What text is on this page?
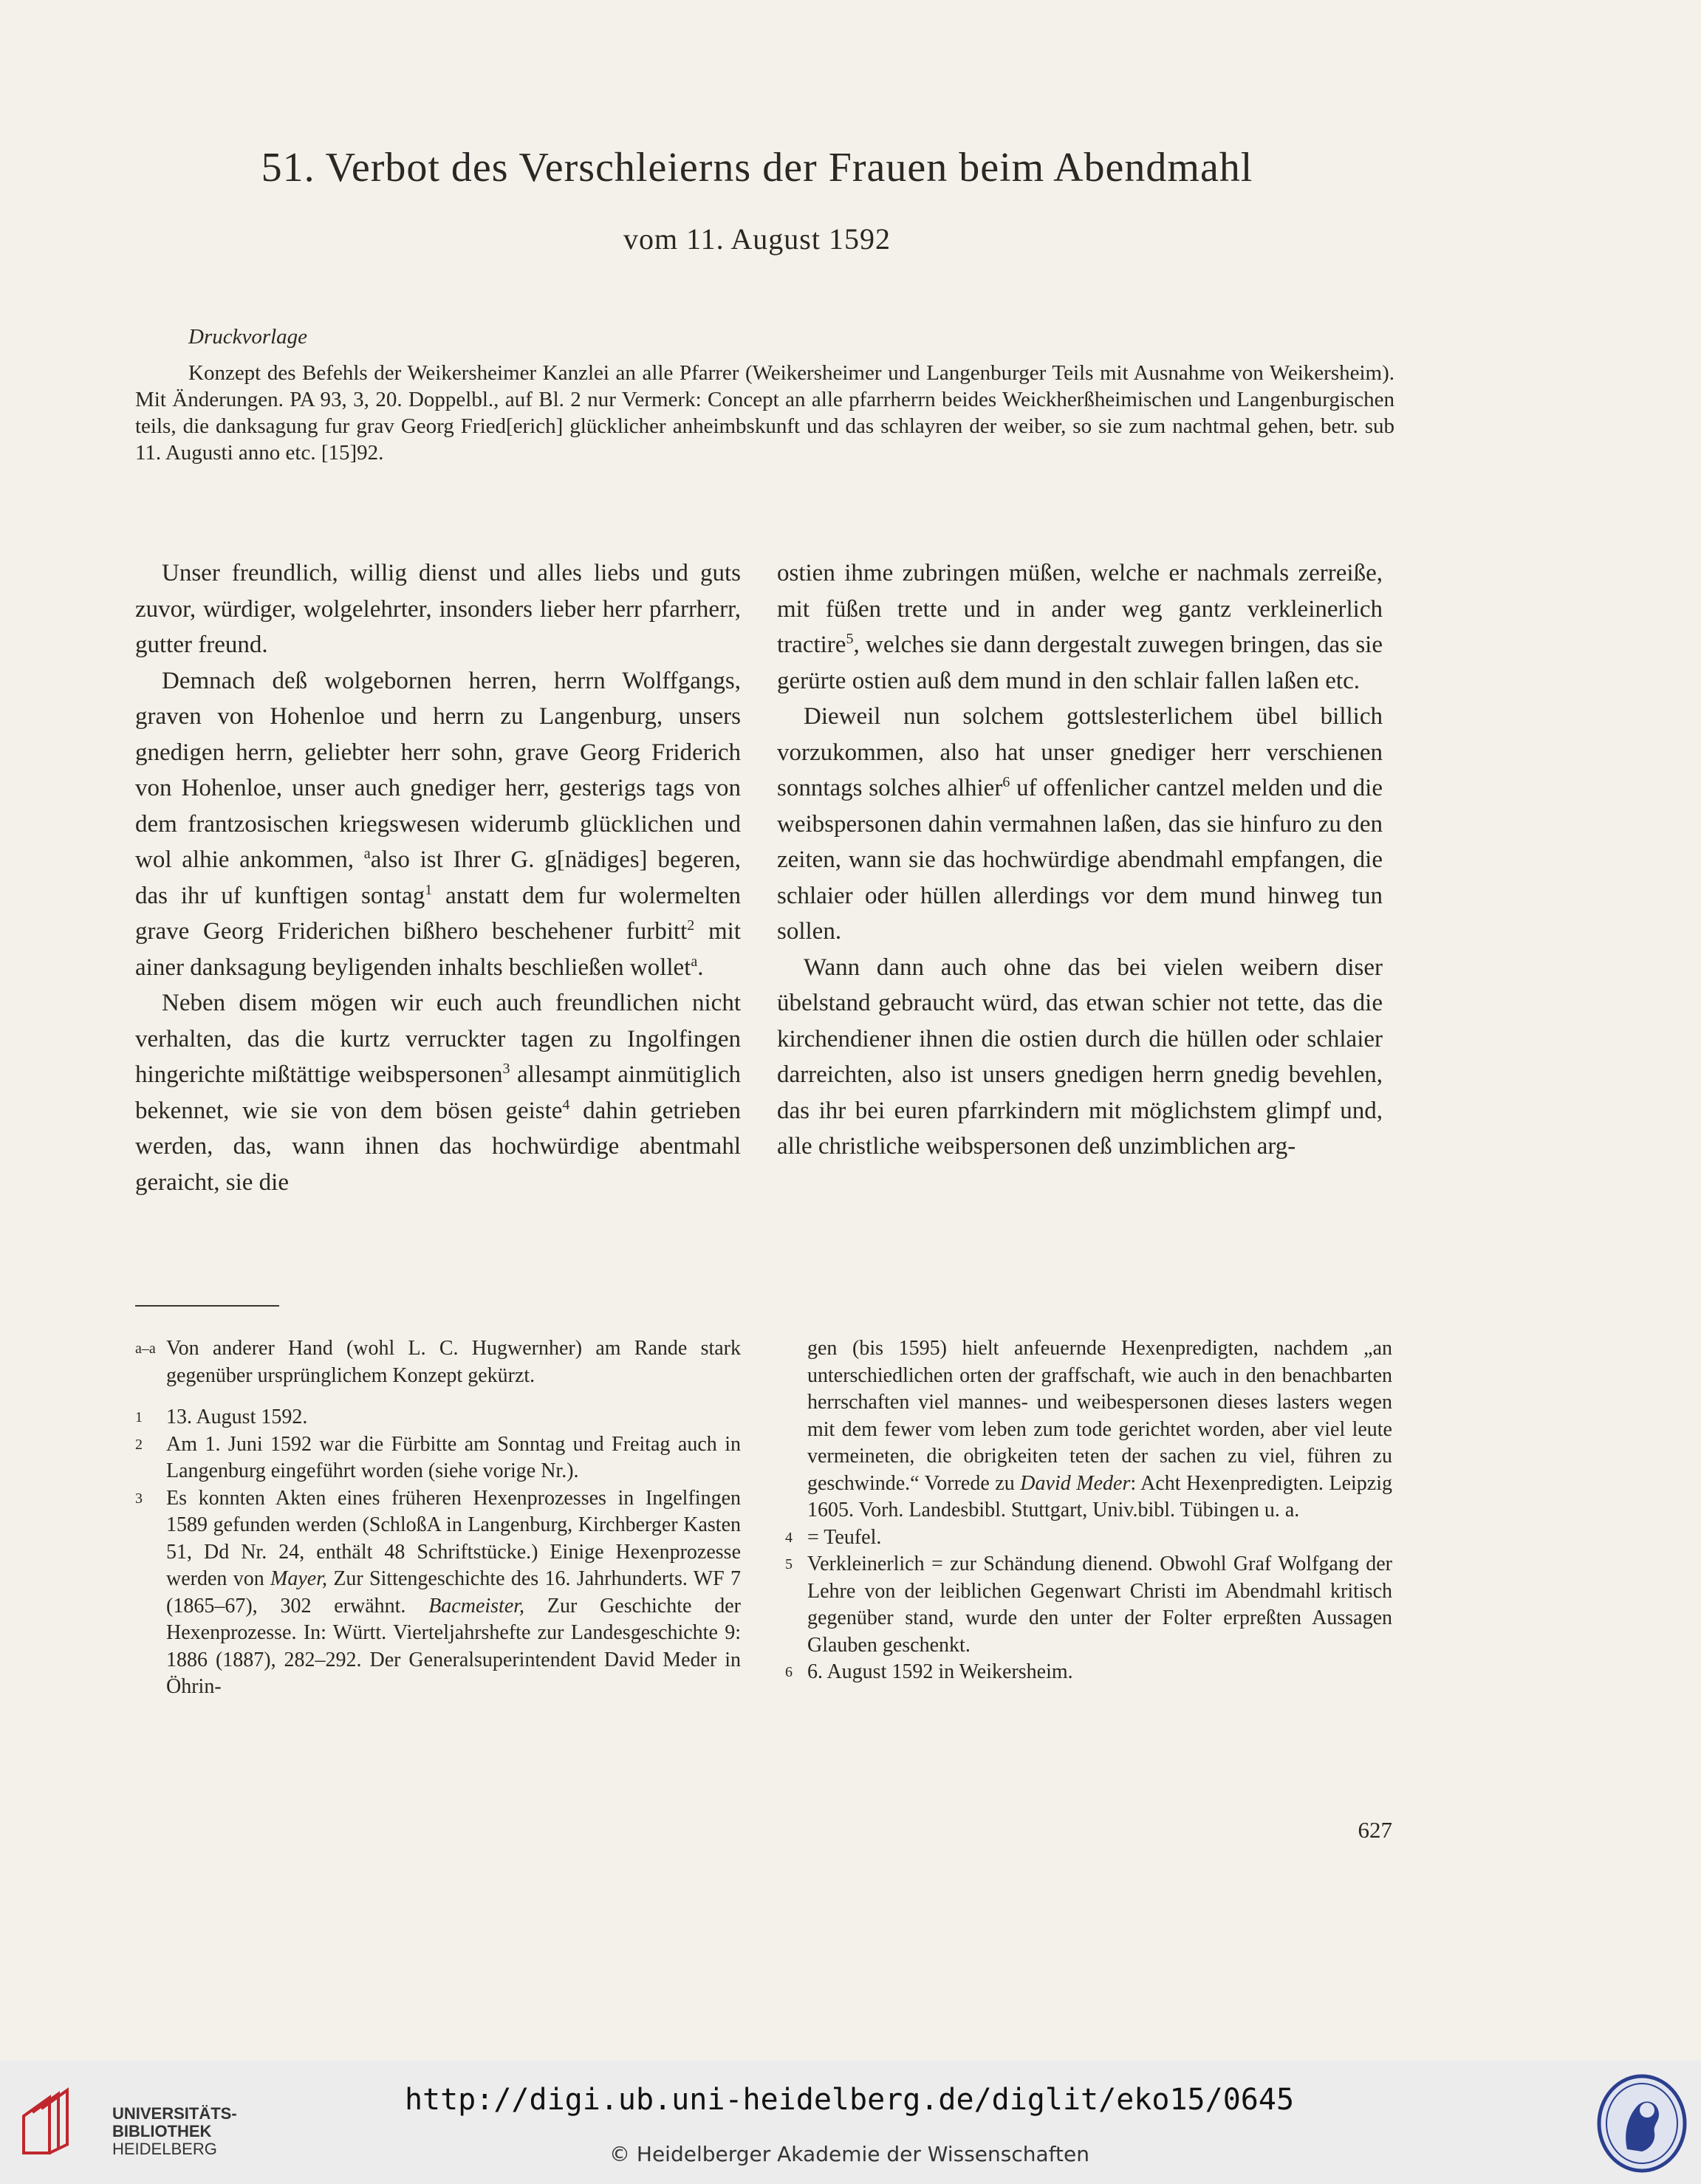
51. Verbot des Verschleierns der Frauen beim Abendmahl
vom 11. August 1592
Druckvorlage

Konzept des Befehls der Weikersheimer Kanzlei an alle Pfarrer (Weikersheimer und Langenburger Teils mit Ausnahme von Weikersheim). Mit Änderungen. PA 93, 3, 20. Doppelbl., auf Bl. 2 nur Vermerk: Concept an alle pfarrherrn beides Weickherßheimischen und Langenburgischen teils, die danksagung fur grav Georg Fried[erich] glücklicher anheimbskunft und das schlayren der weiber, so sie zum nachtmal gehen, betr. sub 11. Augusti anno etc. [15]92.

Unser freundlich, willig dienst und alles liebs und guts zuvor, würdiger, wolgelehrter, insonders lieber herr pfarrherr, gutter freund.

Demnach deß wolgebornen herren, herrn Wolffgangs, graven von Hohenloe und herrn zu Langenburg, unsers gnedigen herrn, geliebter herr sohn, grave Georg Friderich von Hohenloe, unser auch gnediger herr, gesterigs tags von dem frantzosischen kriegswesen widerumb glücklichen und wol alhie ankommen, $^a$also ist Ihrer G. g[nädiges] begeren, das ihr uf kunftigen sontag$^1$ anstatt dem fur wolermelten grave Georg Friderichen bißhero beschehener furbitt$^2$ mit ainer danksagung beyligenden inhalts beschließen wollet$^a$.

Neben disem mögen wir euch auch freundlichen nicht verhalten, das die kurtz verruckter tagen zu Ingolfingen hingerichte mißtättige weibspersonen$^3$ allesampt ainmütiglich bekennet, wie sie von dem bösen geiste$^4$ dahin getrieben werden, das, wann ihnen das hochwürdige abentmahl geraicht, sie die

ostien ihme zubringen müßen, welche er nachmals zerreiße, mit füßen trette und in ander weg gantz verkleinerlich tractire$^5$, welches sie dann dergestalt zuwegen bringen, das sie gerürte ostien auß dem mund in den schlair fallen laßen etc.

Dieweil nun solchem gottslesterlichem übel billich vorzukommen, also hat unser gnediger herr verschienen sonntags solches alhier$^6$ uf offenlicher cantzel melden und die weibspersonen dahin vermahnen laßen, das sie hinfuro zu den zeiten, wann sie das hochwürdige abendmahl empfangen, die schlaier oder hüllen allerdings vor dem mund hinweg tun sollen.

Wann dann auch ohne das bei vielen weibern diser übelstand gebraucht würd, das etwan schier not tette, das die kirchendiener ihnen die ostien durch die hüllen oder schlaier darreichten, also ist unsers gnedigen herrn gnedig bevehlen, das ihr bei euren pfarrkindern mit möglichstem glimpf und, alle christliche weibspersonen deß unzimblichen arg-

a–a Von anderer Hand (wohl L. C. Hugwernher) am Rande stark gegenüber ursprünglichem Konzept gekürzt.

1 13. August 1592.

2 Am 1. Juni 1592 war die Fürbitte am Sonntag und Freitag auch in Langenburg eingeführt worden (siehe vorige Nr.).

3 Es konnten Akten eines früheren Hexenprozesses in Ingelfingen 1589 gefunden werden (SchloßA in Langenburg, Kirchberger Kasten 51, Dd Nr. 24, enthält 48 Schriftstücke.) Einige Hexenprozesse werden von Mayer, Zur Sittengeschichte des 16. Jahrhunderts. WF 7 (1865–67), 302 erwähnt. Bacmeister, Zur Geschichte der Hexenprozesse. In: Württ. Vierteljahrshefte zur Landesgeschichte 9: 1886 (1887), 282–292. Der Generalsuperintendent David Meder in Öhrin-

gen (bis 1595) hielt anfeuernde Hexenpredigten, nachdem „an unterschiedlichen orten der graffschaft, wie auch in den benachbarten herrschaften viel mannes- und weibespersonen dieses lasters wegen mit dem fewer vom leben zum tode gerichtet worden, aber viel leute vermeineten, die obrigkeiten teten der sachen zu viel, führen zu geschwinde.“ Vorrede zu David Meder: Acht Hexenpredigten. Leipzig 1605. Vorh. Landesbibl. Stuttgart, Univ.bibl. Tübingen u. a.

4 = Teufel.

5 Verkleinerlich = zur Schändung dienend. Obwohl Graf Wolfgang der Lehre von der leiblichen Gegenwart Christi im Abendmahl kritisch gegenüber stand, wurde den unter der Folter erpreßten Aussagen Glauben geschenkt.

6 6. August 1592 in Weikersheim.

627
UNIVERSITÄTS-
BIBLIOTHEK
HEIDELBERG
http://digi.ub.uni-heidelberg.de/diglit/eko15/0645
© Heidelberger Akademie der Wissenschaften
